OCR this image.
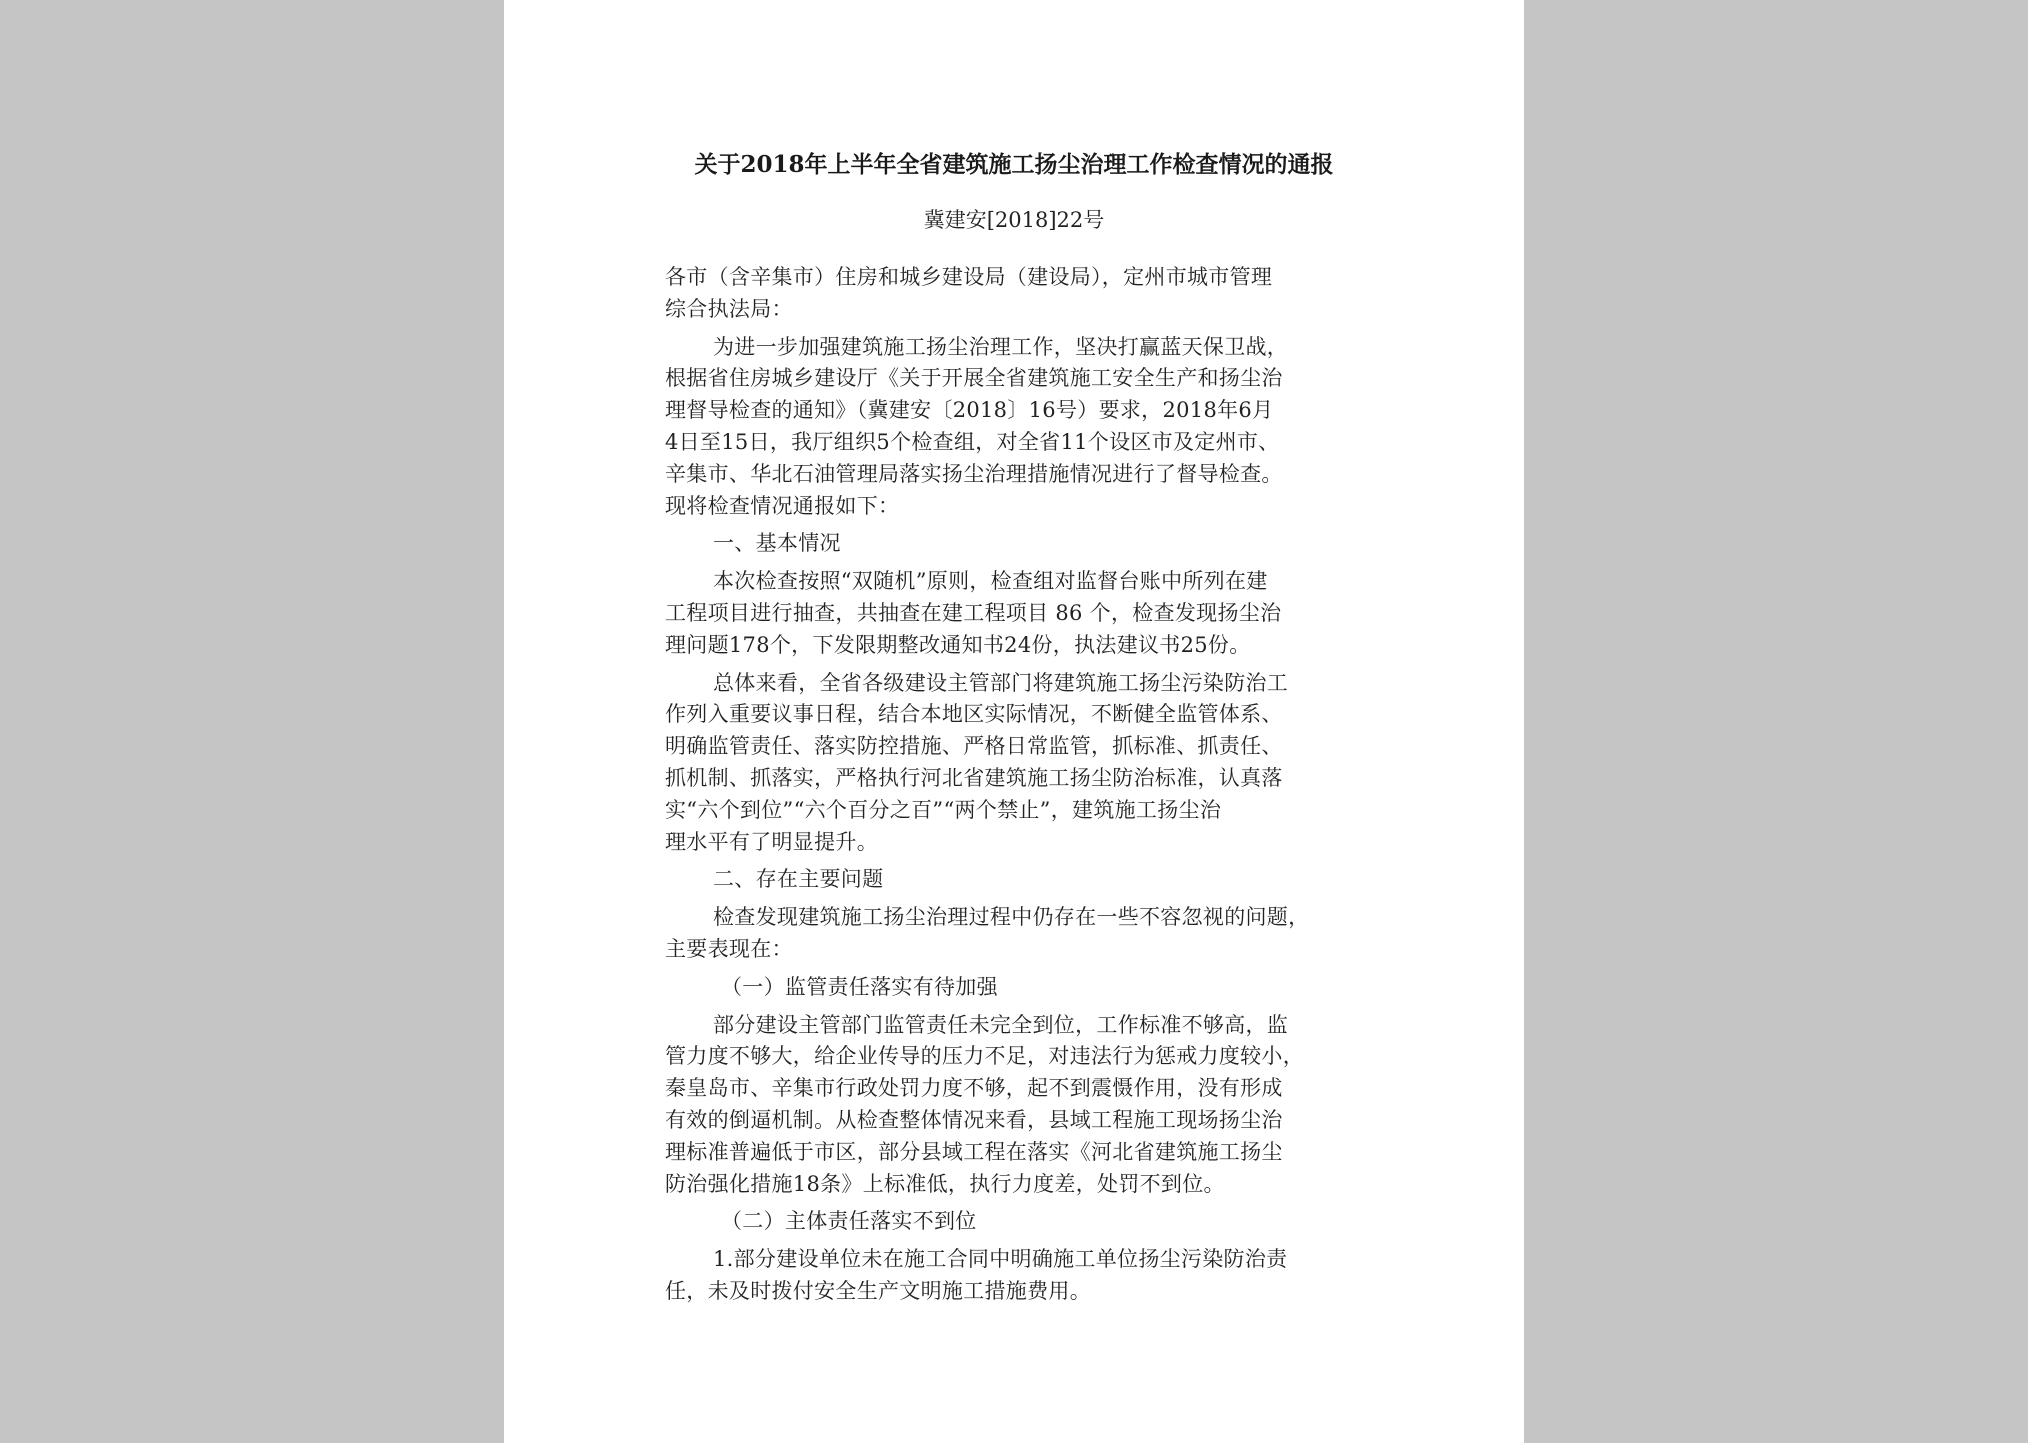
关于2018年上半年全省建筑施工扬尘治理工作检查情况的通报
冀建安[2018]22号
各市（含辛集市）住房和城乡建设局（建设局），定州市城市管理
综合执法局：
为进一步加强建筑施工扬尘治理工作，坚决打赢蓝天保卫战，
根据省住房城乡建设厅《关于开展全省建筑施工安全生产和扬尘治
理督导检查的通知》（冀建安〔2018〕16号）要求，2018年6月
4日至15日，我厅组织5个检查组，对全省11个设区市及定州市、
辛集市、华北石油管理局落实扬尘治理措施情况进行了督导检查。
现将检查情况通报如下：
一、基本情况
本次检查按照“双随机”原则，检查组对监督台账中所列在建
工程项目进行抽查，共抽查在建工程项目 86 个，检查发现扬尘治
理问题178个，下发限期整改通知书24份，执法建议书25份。
总体来看，全省各级建设主管部门将建筑施工扬尘污染防治工
作列入重要议事日程，结合本地区实际情况，不断健全监管体系、
明确监管责任、落实防控措施、严格日常监管，抓标准、抓责任、
抓机制、抓落实，严格执行河北省建筑施工扬尘防治标准，认真落
实“六个到位”“六个百分之百”“两个禁止”，建筑施工扬尘治
理水平有了明显提升。
二、存在主要问题
检查发现建筑施工扬尘治理过程中仍存在一些不容忽视的问题，
主要表现在：
（一）监管责任落实有待加强
部分建设主管部门监管责任未完全到位，工作标准不够高，监
管力度不够大，给企业传导的压力不足，对违法行为惩戒力度较小，
秦皇岛市、辛集市行政处罚力度不够，起不到震慑作用，没有形成
有效的倒逼机制。从检查整体情况来看，县域工程施工现场扬尘治
理标准普遍低于市区，部分县域工程在落实《河北省建筑施工扬尘
防治强化措施18条》上标准低，执行力度差，处罚不到位。
（二）主体责任落实不到位
1.部分建设单位未在施工合同中明确施工单位扬尘污染防治责
任，未及时拨付安全生产文明施工措施费用。
